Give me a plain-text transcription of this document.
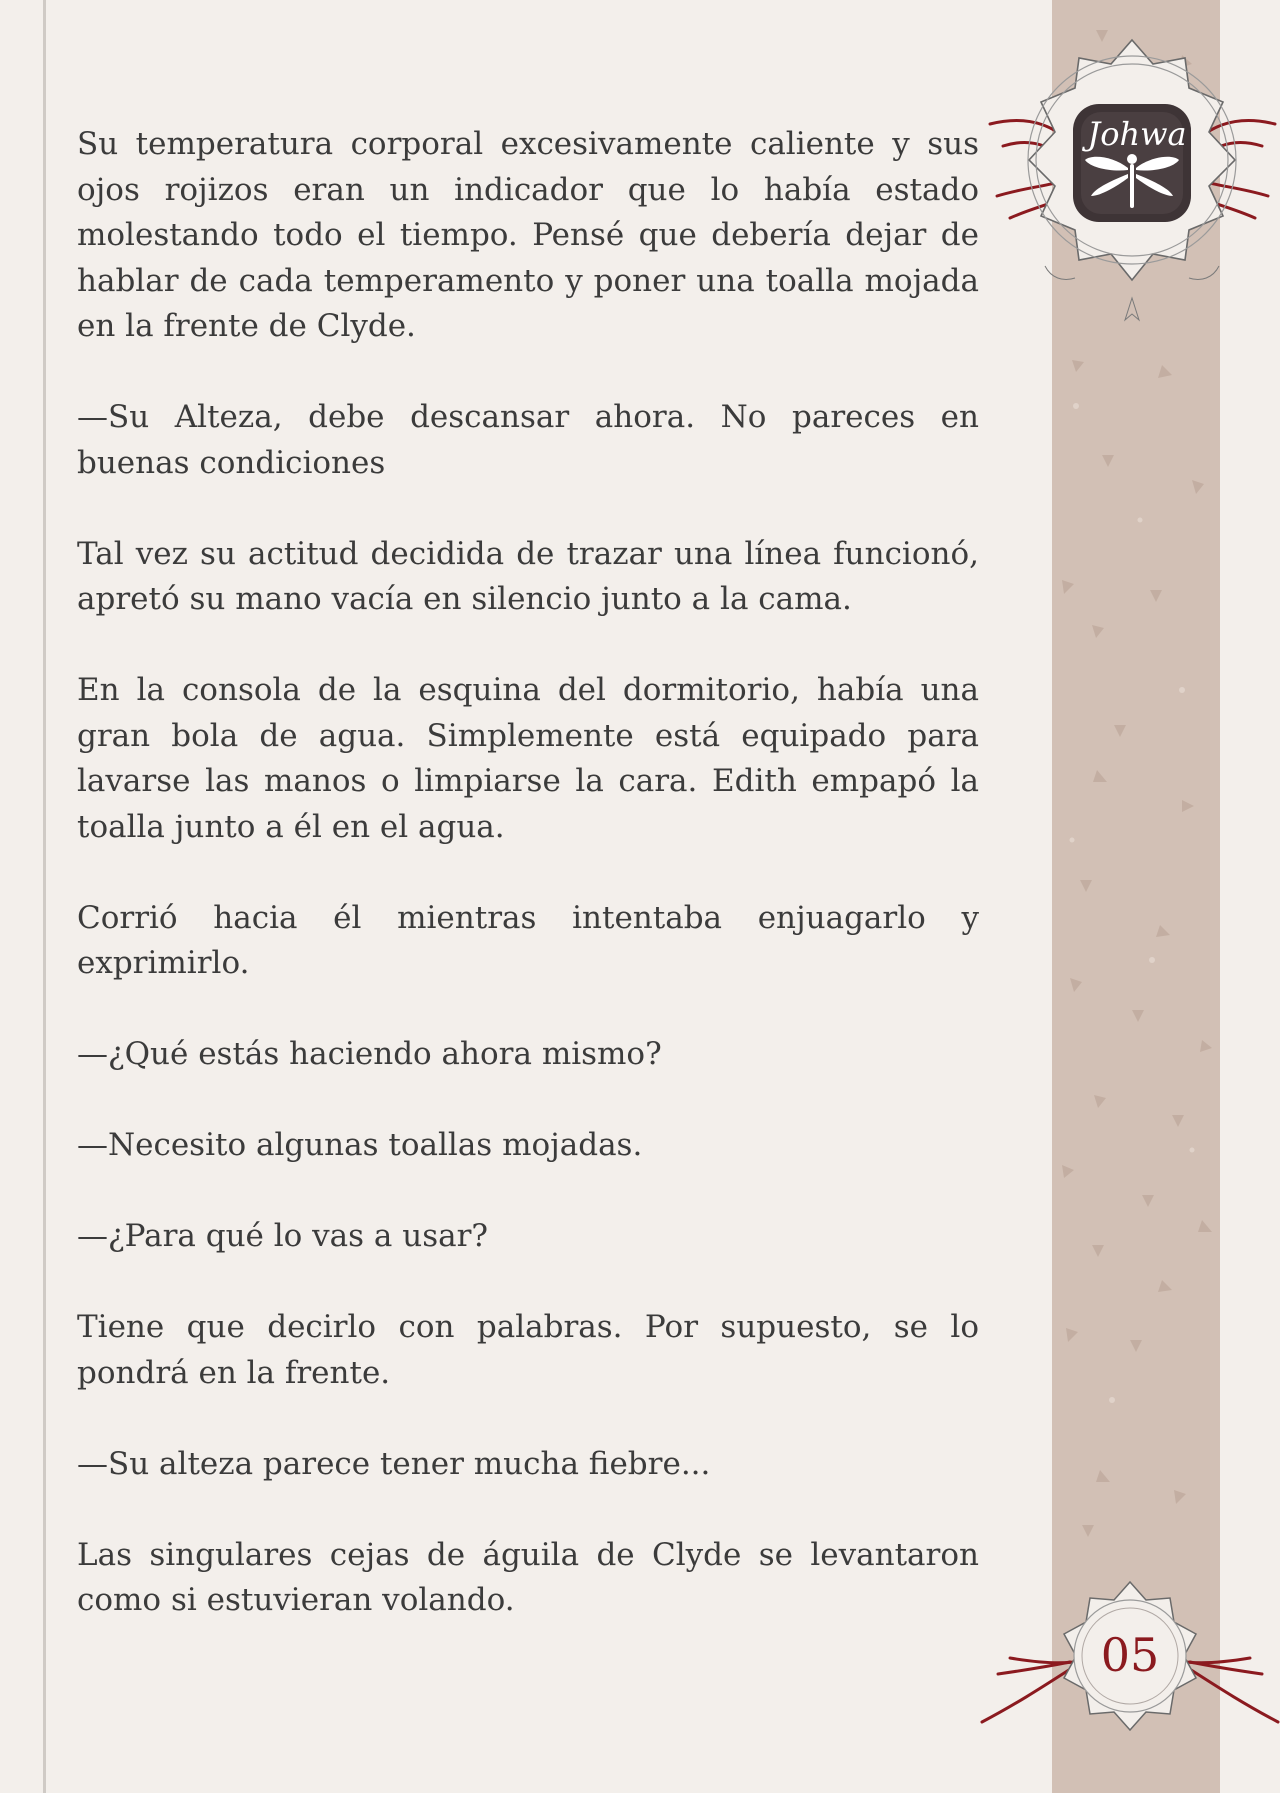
Su temperatura corporal excesivamente caliente y sus ojos rojizos eran un indicador que lo había estado molestando todo el tiempo. Pensé que debería dejar de hablar de cada temperamento y poner una toalla mojada en la frente de Clyde.

—Su Alteza, debe descansar ahora. No pareces en buenas condiciones

Tal vez su actitud decidida de trazar una línea funcionó, apretó su mano vacía en silencio junto a la cama.

En la consola de la esquina del dormitorio, había una gran bola de agua. Simplemente está equipado para lavarse las manos o limpiarse la cara. Edith empapó la toalla junto a él en el agua.

Corrió hacia él mientras intentaba enjuagarlo y exprimirlo.

—¿Qué estás haciendo ahora mismo?

—Necesito algunas toallas mojadas.

—¿Para qué lo vas a usar?

Tiene que decirlo con palabras. Por supuesto, se lo pondrá en la frente.

—Su alteza parece tener mucha fiebre...

Las singulares cejas de águila de Clyde se levantaron como si estuvieran volando.

Johwa
05
